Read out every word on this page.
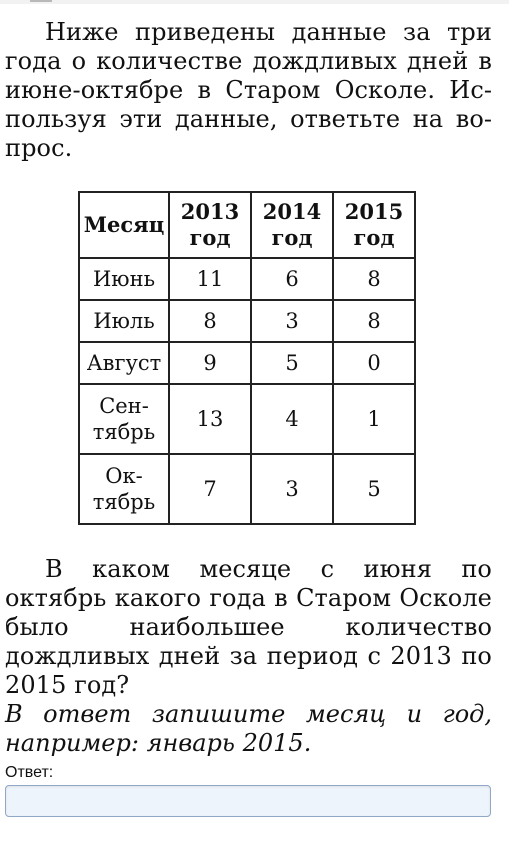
Ниже приведены данные за три года о количестве дождливых дней в июне-октябре в Старом Осколе. Используя эти данные, ответьте на вопрос.

Месяц	2013 год	2014 год	2015 год
Июнь	11	6	8
Июль	8	3	8
Август	9	5	0
Сентябрь	13	4	1
Октябрь	7	3	5

В каком месяце с июня по октябрь какого года в Старом Осколе было наибольшее количество дождливых дней за период с 2013 по 2015 год?

В ответ запишите месяц и год, например: январь 2015.

Ответ:
